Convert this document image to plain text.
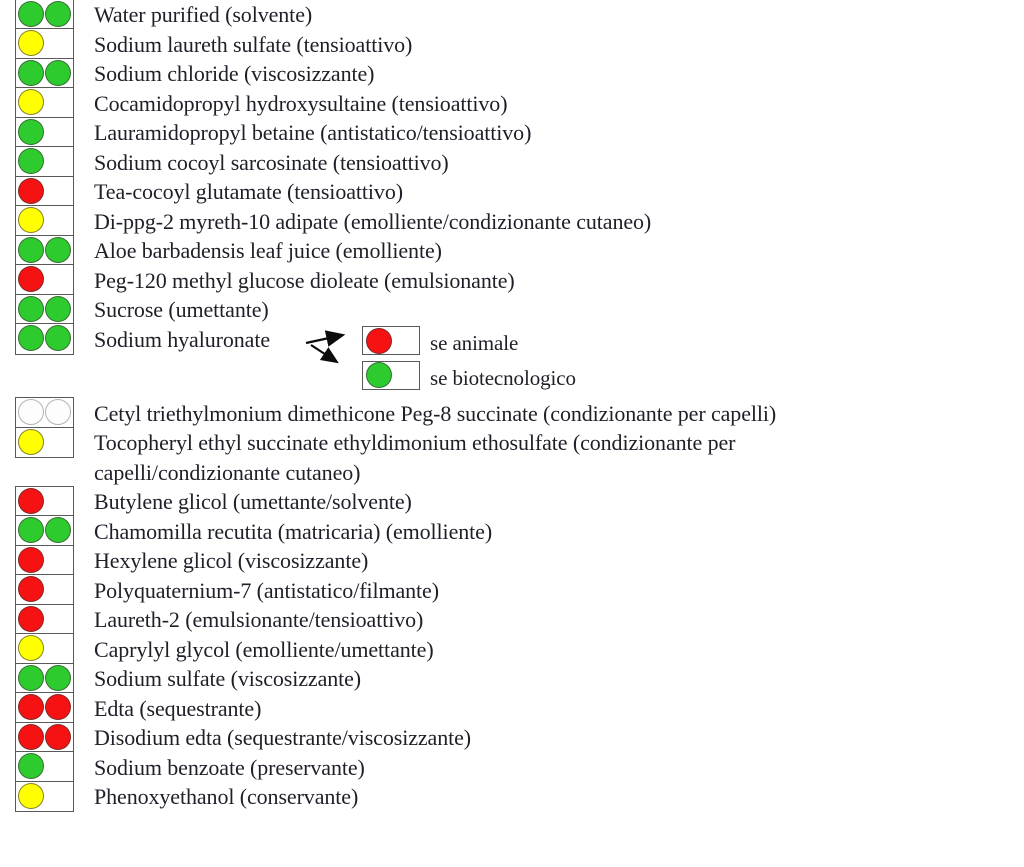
se animale
se biotecnologico
Water purified (solvente)
Sodium laureth sulfate (tensioattivo)
Sodium chloride (viscosizzante)
Cocamidopropyl hydroxysultaine (tensioattivo)
Lauramidopropyl betaine (antistatico/tensioattivo)
Sodium cocoyl sarcosinate (tensioattivo)
Tea-cocoyl glutamate (tensioattivo)
Di-ppg-2 myreth-10 adipate (emolliente/condizionante cutaneo)
Aloe barbadensis leaf juice (emolliente)
Peg-120 methyl glucose dioleate (emulsionante)
Sucrose (umettante)
Sodium hyaluronate
Cetyl triethylmonium dimethicone Peg-8 succinate (condizionante per capelli)
Tocopheryl ethyl succinate ethyldimonium ethosulfate (condizionante per capelli/condizionante cutaneo)
Butylene glicol (umettante/solvente)
Chamomilla recutita (matricaria) (emolliente)
Hexylene glicol (viscosizzante)
Polyquaternium-7 (antistatico/filmante)
Laureth-2 (emulsionante/tensioattivo)
Caprylyl glycol (emolliente/umettante)
Sodium sulfate (viscosizzante)
Edta (sequestrante)
Disodium edta (sequestrante/viscosizzante)
Sodium benzoate (preservante)
Phenoxyethanol (conservante)
